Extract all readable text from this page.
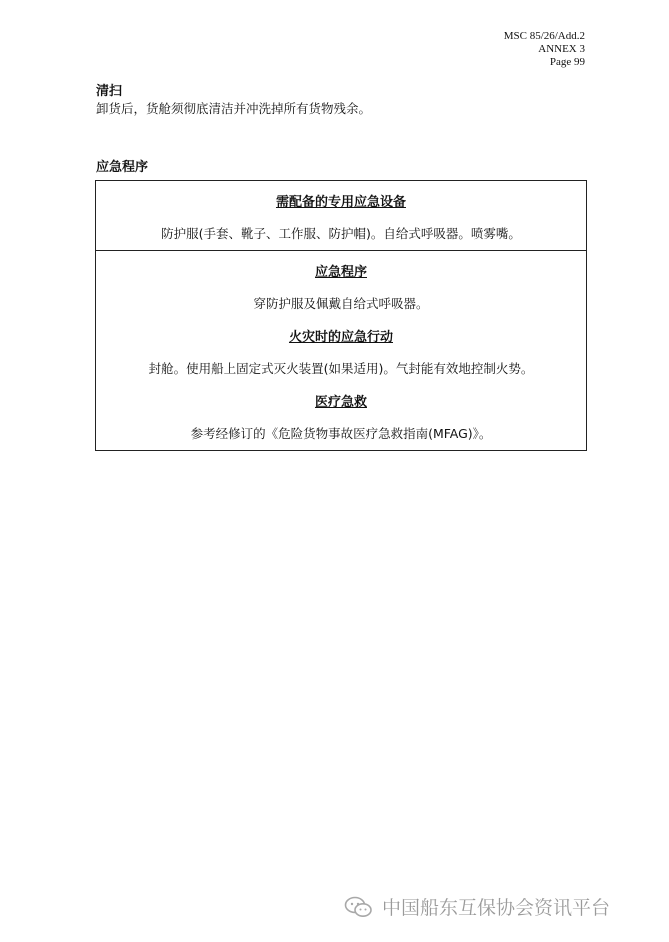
MSC 85/26/Add.2
ANNEX 3
Page 99
清扫
卸货后，货舱须彻底清洁并冲洗掉所有货物残余。
应急程序
需配备的专用应急设备
防护服(手套、靴子、工作服、防护帽)。自给式呼吸器。喷雾嘴。
应急程序
穿防护服及佩戴自给式呼吸器。
火灾时的应急行动
封舱。使用船上固定式灭火装置(如果适用)。气封能有效地控制火势。
医疗急救
参考经修订的《危险货物事故医疗急救指南(MFAG)》。
中国船东互保协会资讯平台
